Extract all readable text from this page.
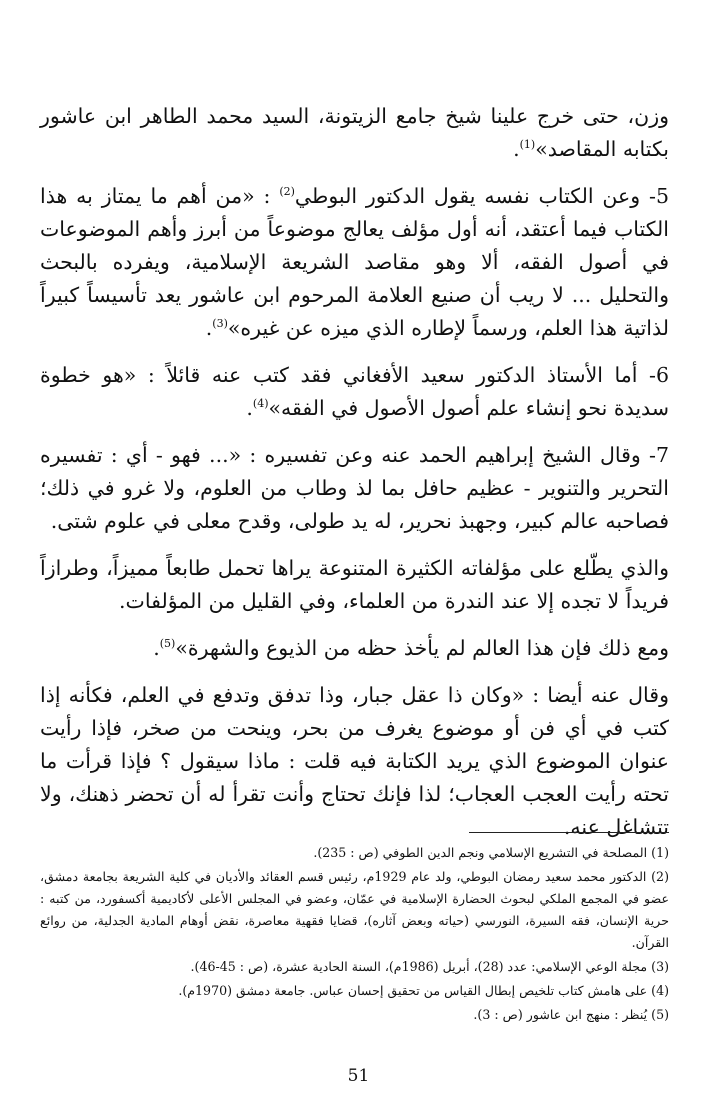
وزن، حتى خرج علينا شيخ جامع الزيتونة، السيد محمد الطاهر ابن عاشور بكتابه المقاصد»$^{(1)}$.

5- وعن الكتاب نفسه يقول الدكتور البوطي$^{(2)}$ : «من أهم ما يمتاز به هذا الكتاب فيما أعتقد، أنه أول مؤلف يعالج موضوعاً من أبرز وأهم الموضوعات في أصول الفقه، ألا وهو مقاصد الشريعة الإسلامية، ويفرده بالبحث والتحليل ... لا ريب أن صنيع العلامة المرحوم ابن عاشور يعد تأسيساً كبيراً لذاتية هذا العلم، ورسماً لإطاره الذي ميزه عن غيره»$^{(3)}$.

6- أما الأستاذ الدكتور سعيد الأفغاني فقد كتب عنه قائلاً : «هو خطوة سديدة نحو إنشاء علم أصول الأصول في الفقه»$^{(4)}$.

7- وقال الشيخ إبراهيم الحمد عنه وعن تفسيره : «... فهو - أي : تفسيره التحرير والتنوير - عظيم حافل بما لذ وطاب من العلوم، ولا غرو في ذلك؛ فصاحبه عالم كبير، وجهبذ نحرير، له يد طولى، وقدح معلى في علوم شتى.

والذي يطّلع على مؤلفاته الكثيرة المتنوعة يراها تحمل طابعاً مميزاً، وطرازاً فريداً لا تجده إلا عند الندرة من العلماء، وفي القليل من المؤلفات.

ومع ذلك فإن هذا العالم لم يأخذ حظه من الذيوع والشهرة»$^{(5)}$.

وقال عنه أيضا : «وكان ذا عقل جبار، وذا تدفق وتدفع في العلم، فكأنه إذا كتب في أي فن أو موضوع يغرف من بحر، وينحت من صخر، فإذا رأيت عنوان الموضوع الذي يريد الكتابة فيه قلت : ماذا سيقول ؟ فإذا قرأت ما تحته رأيت العجب العجاب؛ لذا فإنك تحتاج وأنت تقرأ له أن تحضر ذهنك، ولا تتشاغل عنه.

(1) المصلحة في التشريع الإسلامي ونجم الدين الطوفي (ص : 235).

(2) الدكتور محمد سعيد رمضان البوطي، ولد عام 1929م، رئيس قسم العقائد والأديان في كلية الشريعة بجامعة دمشق، عضو في المجمع الملكي لبحوث الحضارة الإسلامية في عمّان، وعضو في المجلس الأعلى لأكاديمية أكسفورد، من كتبه : حرية الإنسان، فقه السيرة، النورسي (حياته وبعض آثاره)، قضايا فقهية معاصرة، نقض أوهام المادية الجدلية، من روائع القرآن.

(3) مجلة الوعي الإسلامي: عدد (28)، أبريل (1986م)، السنة الحادية عشرة، (ص : 45-46).

(4) على هامش كتاب تلخيص إبطال القياس من تحقيق إحسان عباس. جامعة دمشق (1970م).

(5) يُنظر : منهج ابن عاشور (ص : 3).

51
